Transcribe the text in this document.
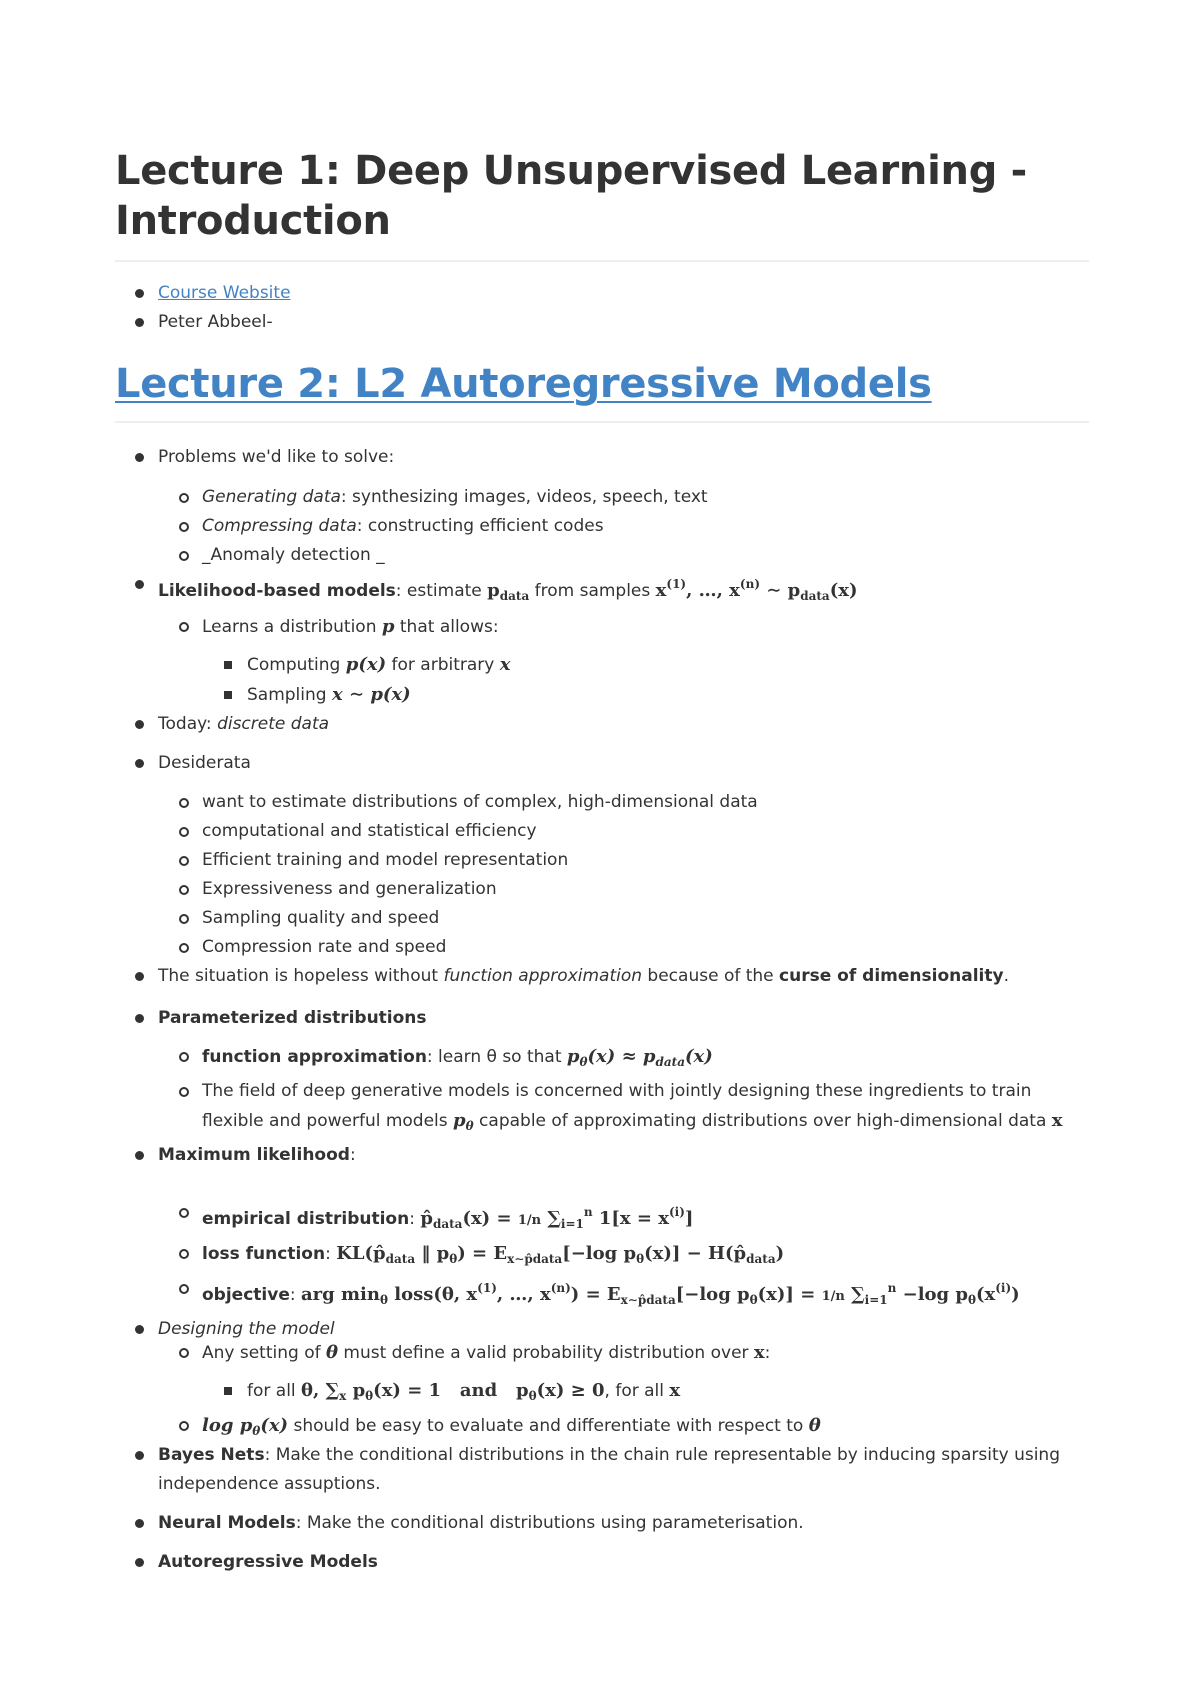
Lecture 1: Deep Unsupervised Learning - Introduction
Course Website
Peter Abbeel-
Lecture 2: L2 Autoregressive Models
Problems we'd like to solve:
Generating data: synthesizing images, videos, speech, text
Compressing data: constructing efficient codes
_Anomaly detection _
Likelihood-based models: estimate $p_{data}$ from samples $x^{(1)}$, …, $x^{(n)}$ ∼ $p_{data}(x)$
Learns a distribution p that allows:
Computing p(x) for arbitrary x
Sampling x ∼ p(x)
Today: discrete data
Desiderata
want to estimate distributions of complex, high-dimensional data
computational and statistical efficiency
Efficient training and model representation
Expressiveness and generalization
Sampling quality and speed
Compression rate and speed
The situation is hopeless without function approximation because of the curse of dimensionality.
Parameterized distributions
function approximation: learn θ so that $p_\theta(x) \approx p_{data}(x)$
The field of deep generative models is concerned with jointly designing these ingredients to train flexible and powerful models $p_\theta$ capable of approximating distributions over high-dimensional data x
Maximum likelihood:
empirical distribution: $p̂_{data}(x) = 1/n$ $\sum_{i=1}^n$ $1[x = x^{(i)}]$
loss function: $KL(p̂_{data}$ ‖ $p_\theta) = E_{x\sim p̂data}[-\log$ $p_\theta(x)$] − $H(p̂_{data})$
objective: arg $\min_\theta$ loss(θ, $x^{(1)}$, …, $x^{(n)}) = E_{x\sim p̂data}[-\log$ $p_\theta(x)] = 1/n$ $\sum_{i=1}^n -\log$ $p_\theta(x^{(i)})$
Designing the model
Any setting of θ must define a valid probability distribution over x:
for all θ, $\sum_x$ $p_\theta(x) = 1$   and   $p_\theta(x) \ge 0$, for all x
$\log p_\theta(x)$ should be easy to evaluate and differentiate with respect to θ
Bayes Nets: Make the conditional distributions in the chain rule representable by inducing sparsity using independence assuptions.
Neural Models: Make the conditional distributions using parameterisation.
Autoregressive Models
